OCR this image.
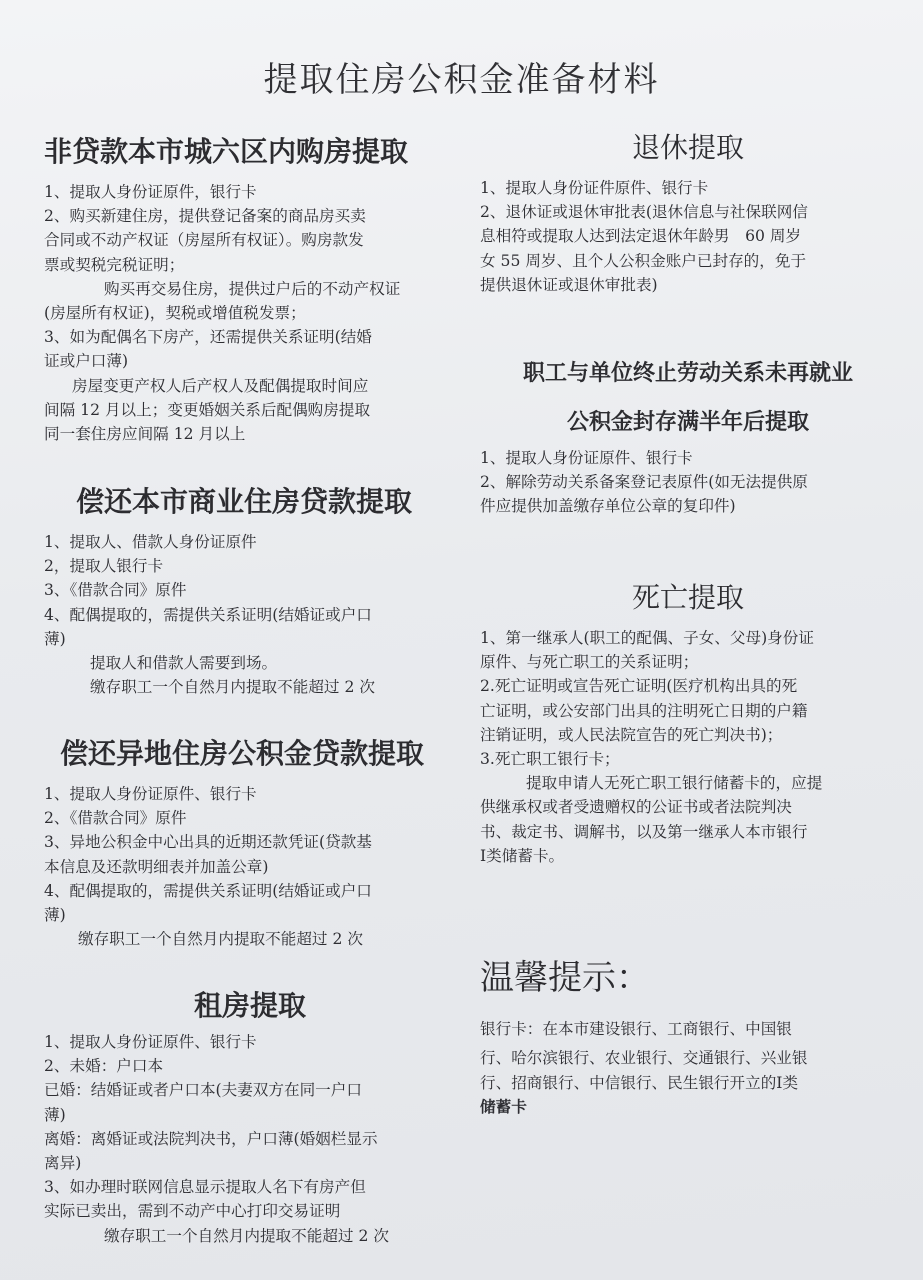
提取住房公积金准备材料
非贷款本市城六区内购房提取

1、提取人身份证原件，银行卡

2、购买新建住房，提供登记备案的商品房买卖

合同或不动产权证（房屋所有权证）。购房款发

票或契税完税证明；

购买再交易住房，提供过户后的不动产权证

(房屋所有权证)，契税或增值税发票；

3、如为配偶名下房产，还需提供关系证明(结婚

证或户口薄)

房屋变更产权人后产权人及配偶提取时间应

间隔 12 月以上；变更婚姻关系后配偶购房提取

同一套住房应间隔 12 月以上

偿还本市商业住房贷款提取

1、提取人、借款人身份证原件

2，提取人银行卡

3、《借款合同》原件

4、配偶提取的，需提供关系证明(结婚证或户口

薄)

提取人和借款人需要到场。

缴存职工一个自然月内提取不能超过 2 次

偿还异地住房公积金贷款提取

1、提取人身份证原件、银行卡

2、《借款合同》原件

3、异地公积金中心出具的近期还款凭证(贷款基

本信息及还款明细表并加盖公章)

4、配偶提取的，需提供关系证明(结婚证或户口

薄)

缴存职工一个自然月内提取不能超过 2 次

租房提取

1、提取人身份证原件、银行卡

2、未婚：户口本

已婚：结婚证或者户口本(夫妻双方在同一户口

薄)

离婚：离婚证或法院判决书，户口薄(婚姻栏显示

离异)

3、如办理时联网信息显示提取人名下有房产但

实际已卖出，需到不动产中心打印交易证明

缴存职工一个自然月内提取不能超过 2 次

退休提取

1、提取人身份证件原件、银行卡

2、退休证或退休审批表(退休信息与社保联网信

息相符或提取人达到法定退休年龄男　60 周岁

女 55 周岁、且个人公积金账户已封存的，免于

提供退休证或退休审批表)

职工与单位终止劳动关系未再就业
公积金封存满半年后提取

1、提取人身份证原件、银行卡

2、解除劳动关系备案登记表原件(如无法提供原

件应提供加盖缴存单位公章的复印件)

死亡提取

1、第一继承人(职工的配偶、子女、父母)身份证

原件、与死亡职工的关系证明；

2.死亡证明或宣告死亡证明(医疗机构出具的死

亡证明，或公安部门出具的注明死亡日期的户籍

注销证明，或人民法院宣告的死亡判决书)；

3.死亡职工银行卡；

提取申请人无死亡职工银行储蓄卡的，应提

供继承权或者受遗赠权的公证书或者法院判决

书、裁定书、调解书，以及第一继承人本市银行

Ⅰ类储蓄卡。

温馨提示：

银行卡：在本市建设银行、工商银行、中国银

行、哈尔滨银行、农业银行、交通银行、兴业银

行、招商银行、中信银行、民生银行开立的Ⅰ类

储蓄卡
